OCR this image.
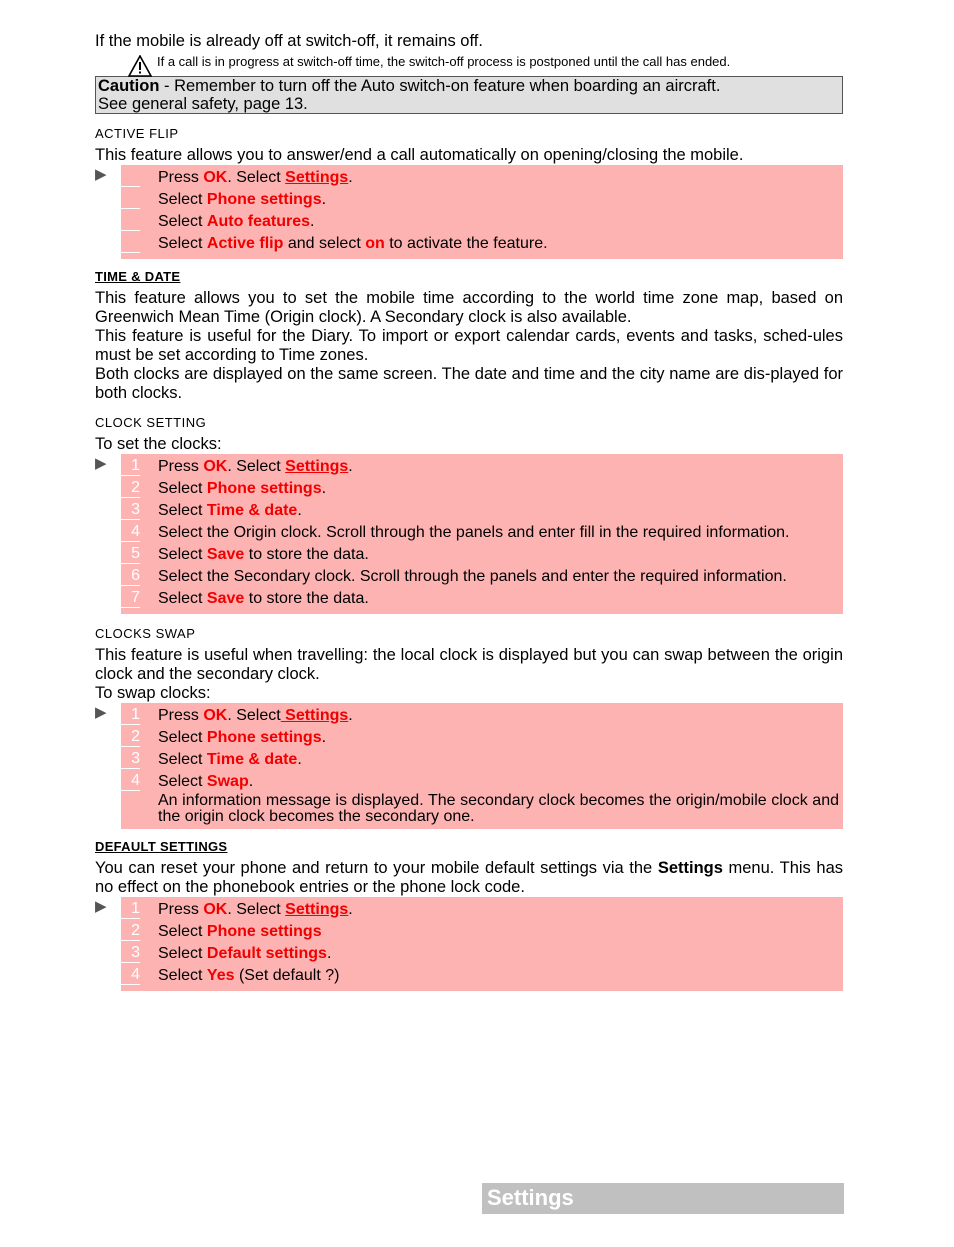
If the mobile is already off at switch-off, it remains off.

If a call is in progress at switch-off time, the switch-off process is postponed until the call has ended.
Caution - Remember to turn off the Auto switch-on feature when boarding an aircraft.
See general safety, page 13.
ACTIVE FLIP

This feature allows you to answer/end a call automatically on opening/closing the mobile.

▶	Press OK. Select Settings.
Select Phone settings.
Select Auto features.
Select Active flip and select on to activate the feature.
TIME & DATE

This feature allows you to set the mobile time according to the world time zone map, based on Greenwich Mean Time (Origin clock). A Secondary clock is also available.

This feature is useful for the Diary. To import or export calendar cards, events and tasks, sched-ules must be set according to Time zones.

Both clocks are displayed on the same screen. The date and time and the city name are dis-played for both clocks.

CLOCK SETTING

To set the clocks:

▶	1 Press OK. Select Settings.
2 Select Phone settings.
3 Select Time & date.
4 Select the Origin clock. Scroll through the panels and enter fill in the required information.
5 Select Save to store the data.
6 Select the Secondary clock. Scroll through the panels and enter the required information.
7 Select Save to store the data.
CLOCKS SWAP

This feature is useful when travelling: the local clock is displayed but you can swap between the origin clock and the secondary clock.

To swap clocks:

▶	1 Press OK. Select Settings.
2 Select Phone settings.
3 Select Time & date.
4 Select Swap.
An information message is displayed. The secondary clock becomes the origin/mobile clock and the origin clock becomes the secondary one.
DEFAULT SETTINGS

You can reset your phone and return to your mobile default settings via the Settings menu. This has no effect on the phonebook entries or the phone lock code.

▶	1 Press OK. Select Settings.
2 Select Phone settings
3 Select Default settings.
4 Select Yes (Set default ?)
Settings
